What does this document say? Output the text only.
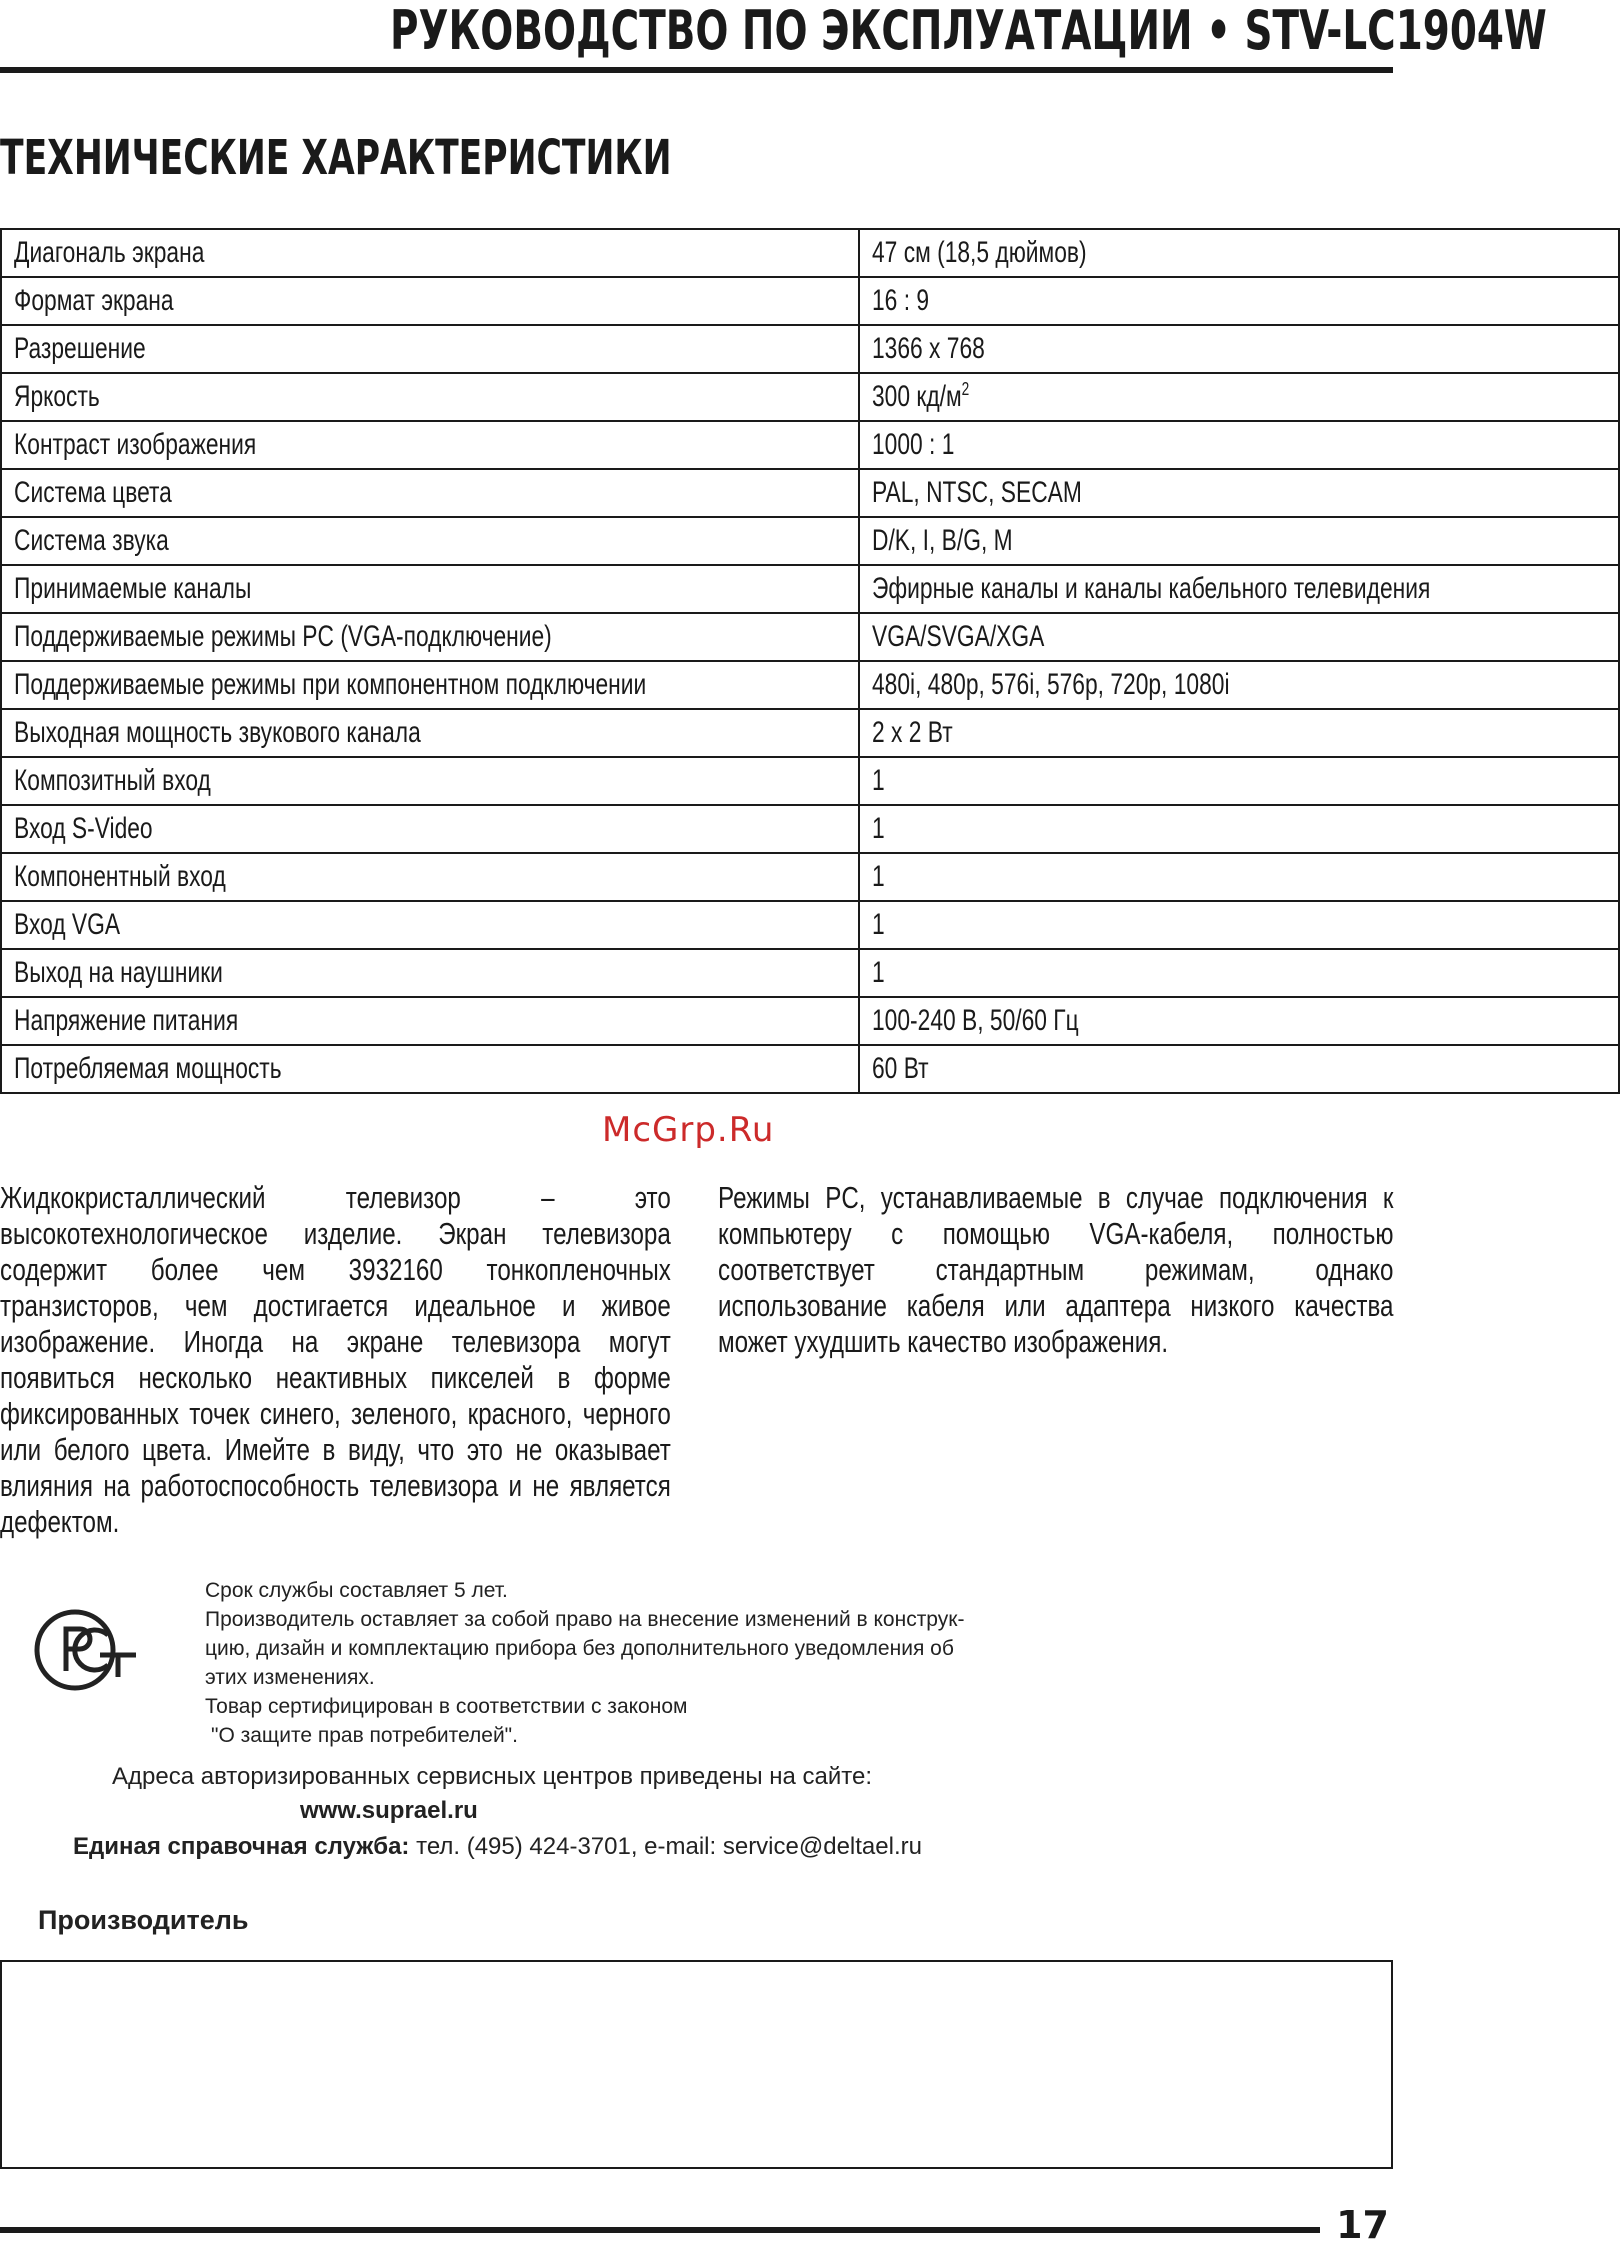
РУКОВОДСТВО ПО ЭКСПЛУАТАЦИИ • STV-LC1904W
ТЕХНИЧЕСКИЕ ХАРАКТЕРИСТИКИ
Диагональ экрана	47 см (18,5 дюймов)
Формат экрана	16 : 9
Разрешение	1366 x 768
Яркость	300 $кд/м^2$
Контраст изображения	1000 : 1
Система цвета	PAL, NTSC, SECAM
Система звука	D/K, I, B/G, M
Принимаемые каналы	Эфирные каналы и каналы кабельного телевидения
Поддерживаемые режимы PC (VGA-подключение)	VGA/SVGA/XGA
Поддерживаемые режимы при компонентном подключении	480i, 480p, 576i, 576p, 720p, 1080i
Выходная мощность звукового канала	2 x 2 Вт
Композитный вход	1
Вход S-Video	1
Компонентный вход	1
Вход VGA	1
Выход на наушники	1
Напряжение питания	100-240 В, 50/60 Гц
Потребляемая мощность	60 Вт
McGrp.Ru
Жидкокристаллический телевизор – это высокотехнологическое изделие. Экран телевизора содержит более чем 3932160 тонкопленочных транзисторов, чем достигается идеальное и живое изображение. Иногда на экране телевизора могут появиться несколько неактивных пикселей в форме фиксированных точек синего, зеленого, красного, черного или белого цвета. Имейте в виду, что это не оказывает влияния на работоспособность телевизора и не является дефектом.
Режимы PC, устанавливаемые в случае подключения к компьютеру с помощью VGA-кабеля, полностью соответствует стандартным режимам, однако использование кабеля или адаптера низкого качества может ухудшить качество изображения.
Срок службы составляет 5 лет.
Производитель оставляет за собой право на внесение изменений в конструк-
цию, дизайн и комплектацию прибора без дополнительного уведомления об
этих изменениях.
Товар сертифицирован в соответствии с законом
"О защите прав потребителей".
Адреса авторизированных сервисных центров приведены на сайте:
www.suprael.ru
Единая справочная служба: тел. (495) 424-3701, e-mail: service@deltael.ru
Производитель
17
